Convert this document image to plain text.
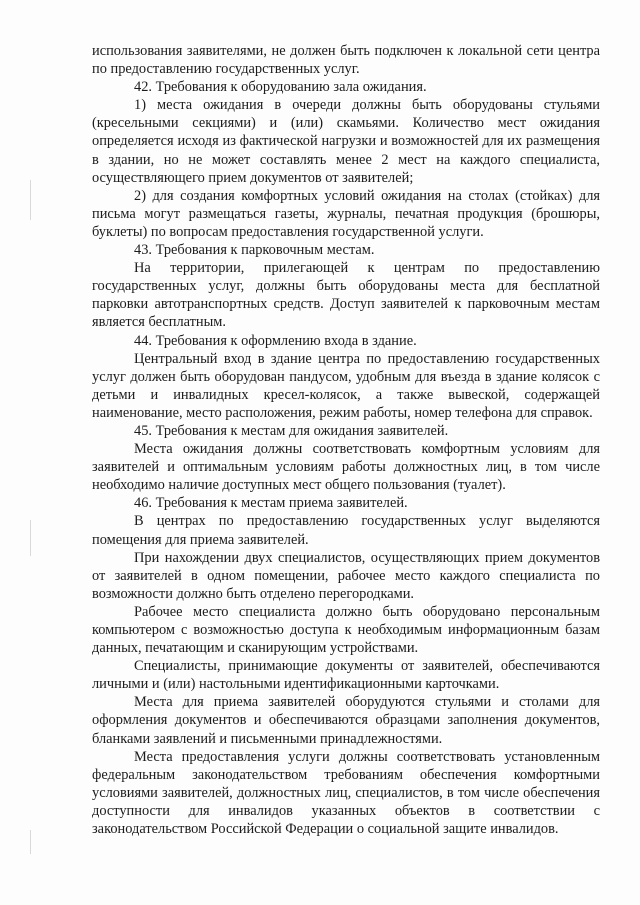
использования заявителями, не должен быть подключен к локальной сети центра по предоставлению государственных услуг.

42. Требования к оборудованию зала ожидания.

1) места ожидания в очереди должны быть оборудованы стульями (кресельными секциями) и (или) скамьями. Количество мест ожидания определяется исходя из фактической нагрузки и возможностей для их размещения в здании, но не может составлять менее 2 мест на каждого специалиста, осуществляющего прием документов от заявителей;

2) для создания комфортных условий ожидания на столах (стойках) для письма могут размещаться газеты, журналы, печатная продукция (брошюры, буклеты) по вопросам предоставления государственной услуги.

43. Требования к парковочным местам.

На территории, прилегающей к центрам по предоставлению государственных услуг, должны быть оборудованы места для бесплатной парковки автотранспортных средств. Доступ заявителей к парковочным местам является бесплатным.

44. Требования к оформлению входа в здание.

Центральный вход в здание центра по предоставлению государственных услуг должен быть оборудован пандусом, удобным для въезда в здание колясок с детьми и инвалидных кресел-колясок, а также вывеской, содержащей наименование, место расположения, режим работы, номер телефона для справок.

45. Требования к местам для ожидания заявителей.

Места ожидания должны соответствовать комфортным условиям для заявителей и оптимальным условиям работы должностных лиц, в том числе необходимо наличие доступных мест общего пользования (туалет).

46. Требования к местам приема заявителей.

В центрах по предоставлению государственных услуг выделяются помещения для приема заявителей.

При нахождении двух специалистов, осуществляющих прием документов от заявителей в одном помещении, рабочее место каждого специалиста по возможности должно быть отделено перегородками.

Рабочее место специалиста должно быть оборудовано персональным компьютером с возможностью доступа к необходимым информационным базам данных, печатающим и сканирующим устройствами.

Специалисты, принимающие документы от заявителей, обеспечиваются личными и (или) настольными идентификационными карточками.

Места для приема заявителей оборудуются стульями и столами для оформления документов и обеспечиваются образцами заполнения документов, бланками заявлений и письменными принадлежностями.

Места предоставления услуги должны соответствовать установленным федеральным законодательством требованиям обеспечения комфортными условиями заявителей, должностных лиц, специалистов, в том числе обеспечения доступности для инвалидов указанных объектов в соответствии с законодательством Российской Федерации о социальной защите инвалидов.
